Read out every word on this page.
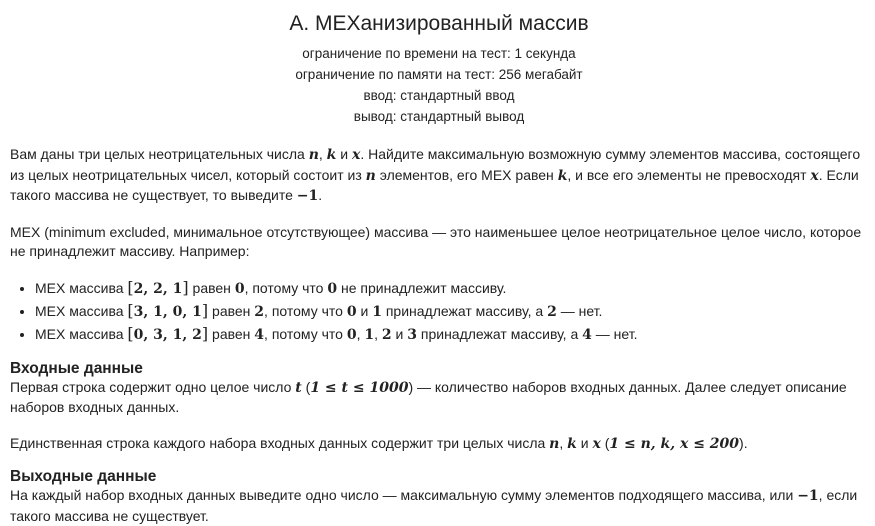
A. MEXанизированный массив
ограничение по времени на тест: 1 секунда
ограничение по памяти на тест: 256 мегабайт
ввод: стандартный ввод
вывод: стандартный вывод

Вам даны три целых неотрицательных числа n, k и x. Найдите максимальную возможную сумму элементов массива, состоящего из целых неотрицательных чисел, который состоит из n элементов, его MEX равен k, и все его элементы не превосходят x. Если такого массива не существует, то выведите −1.

MEX (minimum excluded, минимальное отсутствующее) массива — это наименьшее целое неотрицательное целое число, которое не принадлежит массиву. Например:

• MEX массива [2, 2, 1] равен 0, потому что 0 не принадлежит массиву.
• MEX массива [3, 1, 0, 1] равен 2, потому что 0 и 1 принадлежат массиву, а 2 — нет.
• MEX массива [0, 3, 1, 2] равен 4, потому что 0, 1, 2 и 3 принадлежат массиву, а 4 — нет.
Входные данные

Первая строка содержит одно целое число t (1 ≤ t ≤ 1000) — количество наборов входных данных. Далее следует описание наборов входных данных.

Единственная строка каждого набора входных данных содержит три целых числа n, k и x (1 ≤ n, k, x ≤ 200).

Выходные данные

На каждый набор входных данных выведите одно число — максимальную сумму элементов подходящего массива, или −1, если такого массива не существует.
